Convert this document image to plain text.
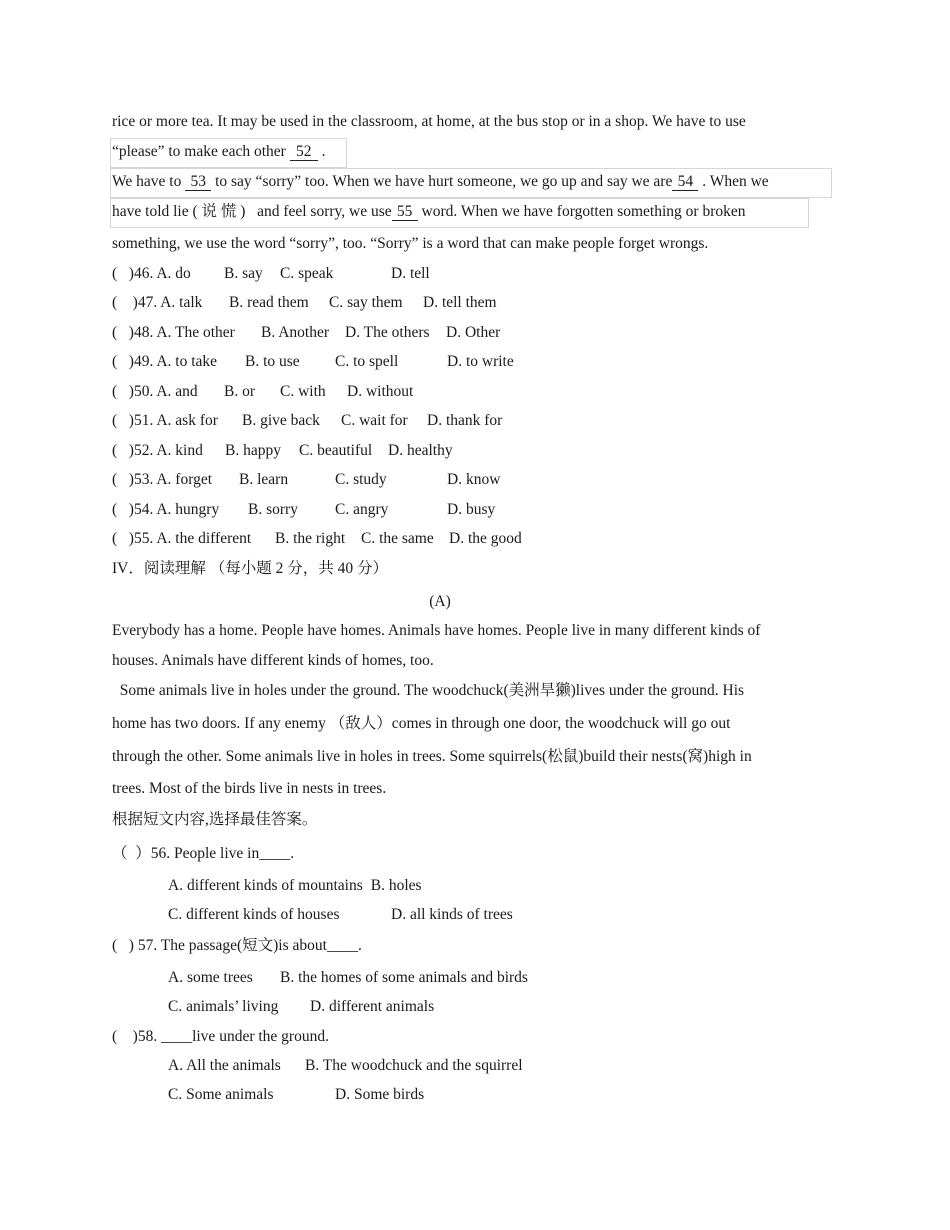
rice or more tea. It may be used in the classroom, at home, at the bus stop or in a shop. We have to use
“please” to make each other 52 .
We have to 53 to say “sorry” too. When we have hurt someone, we go up and say we are 54 . When we
have told lie ( 说 慌 )   and feel sorry, we use 55 word. When we have forgotten something or broken
something, we use the word “sorry”, too. “Sorry” is a word that can make people forget wrongs.
(   )46. A. do B. say C. speak	D. tell
(    )47. A. talk B. read them C. say them D. tell them
(   )48. A. The other B. Another D. The others D. Other
(   )49. A. to take B. to use C. to spell	D. to write
(   )50. A. and B. or C. with D. without
(   )51. A. ask for B. give back C. wait for D. thank for
(   )52. A. kind B. happy C. beautiful D. healthy
(   )53. A. forget B. learn	C. study	D. know
(   )54. A. hungry B. sorry C. angry	D. busy
(   )55. A. the different B. the right C. the same D. the good
IV．阅读理解 （每小题 2 分，共 40 分）
(A)
Everybody has a home. People have homes. Animals have homes. People live in many different kinds of
houses. Animals have different kinds of homes, too.
Some animals live in holes under the ground. The woodchuck(美洲旱獭)lives under the ground. His
home has two doors. If any enemy （敌人）comes in through one door, the woodchuck will go out
through the other. Some animals live in holes in trees. Some squirrels(松鼠)build their nests(窝)high in
trees. Most of the birds live in nests in trees.
根据短文内容,选择最佳答案。
（  ）56. People live in____.
A. different kinds of mountains B. holes
C. different kinds of houses	D. all kinds of trees
(   ) 57. The passage(短文)is about____.
A. some trees B. the homes of some animals and birds
C. animals’ living D. different animals
(    )58. ____live under the ground.
A. All the animals B. The woodchuck and the squirrel
C. Some animals	D. Some birds
